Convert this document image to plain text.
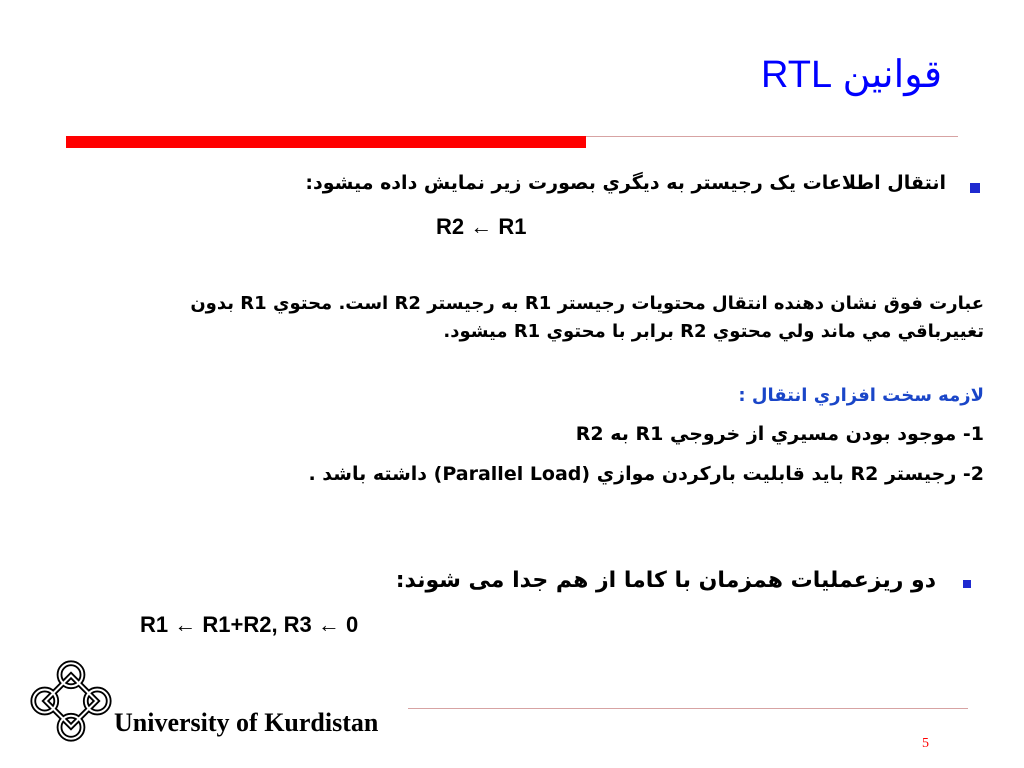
قوانين RTL
انتقال اطلاعات يک رجيستر به ديگري بصورت زير نمايش داده ميشود:
R2 ← R1
عبارت فوق نشان دهنده انتقال محتويات رجيستر R1 به رجيستر R2 است. محتوي R1 بدون تغييرباقي مي ماند ولي محتوي R2 برابر با محتوي R1 ميشود.
لازمه سخت افزاري انتقال :
1- موجود بودن مسيري از خروجي R1 به R2
2- رجيستر R2 بايد قابليت بارکردن موازي (Parallel Load) داشته باشد .
دو ريزعمليات همزمان با کاما از هم جدا می شوند:
R1 ← R1+R2, R3 ← 0
University of Kurdistan
5
